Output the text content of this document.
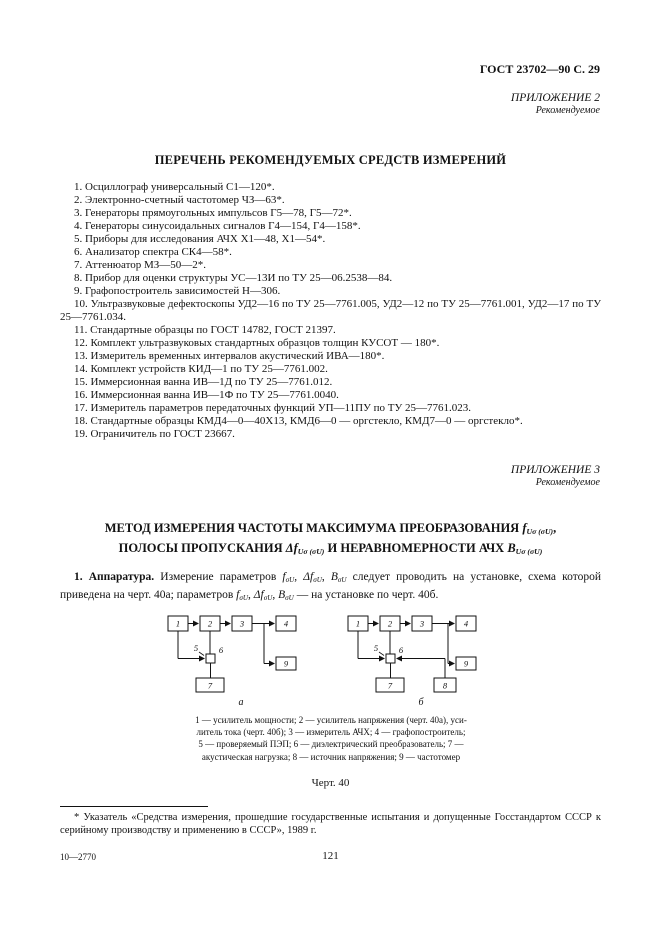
ГОСТ 23702—90 С. 29
ПРИЛОЖЕНИЕ 2
Рекомендуемое
ПЕРЕЧЕНЬ РЕКОМЕНДУЕМЫХ СРЕДСТВ ИЗМЕРЕНИЙ

1. Осциллограф универсальный С1—120*.

2. Электронно-счетный частотомер ЧЗ—63*.

3. Генераторы прямоугольных импульсов Г5—78, Г5—72*.

4. Генераторы синусоидальных сигналов Г4—154, Г4—158*.

5. Приборы для исследования АЧХ Х1—48, Х1—54*.

6. Анализатор спектра СК4—58*.

7. Аттенюатор МЗ—50—2*.

8. Прибор для оценки структуры УС—13И по ТУ 25—06.2538—84.

9. Графопостроитель зависимостей Н—306.

10. Ультразвуковые дефектоскопы УД2—16 по ТУ 25—7761.005, УД2—12 по ТУ 25—7761.001, УД2—17 по ТУ 25—7761.034.

11. Стандартные образцы по ГОСТ 14782, ГОСТ 21397.

12. Комплект ультразвуковых стандартных образцов толщин КУСОТ — 180*.

13. Измеритель временных интервалов акустический ИВА—180*.

14. Комплект устройств КИД—1 по ТУ 25—7761.002.

15. Иммерсионная ванна ИВ—1Д по ТУ 25—7761.012.

16. Иммерсионная ванна ИВ—1Ф по ТУ 25—7761.0040.

17. Измеритель параметров передаточных функций УП—11ПУ по ТУ 25—7761.023.

18. Стандартные образцы КМД4—0—40Х13, КМД6—0 — оргстекло, КМД7—0 — оргстекло*.

19. Ограничитель по ГОСТ 23667.

ПРИЛОЖЕНИЕ 3
Рекомендуемое
МЕТОД ИЗМЕРЕНИЯ ЧАСТОТЫ МАКСИМУМА ПРЕОБРАЗОВАНИЯ $f_{U\sigma (\sigma U)}$,
ПОЛОСЫ ПРОПУСКАНИЯ $\Delta f_{U\sigma (\sigma U)}$ И НЕРАВНОМЕРНОСТИ АЧХ $B_{U\sigma (\sigma U)}$
1. Аппаратура. Измерение параметров $f_{\sigma U}$, $\Delta f_{\sigma U}$, $B_{\sigma U}$ следует проводить на установке, схема которой приведена на черт. 40а; параметров $f_{\sigma U}$, $\Delta f_{\sigma U}$, $B_{\sigma U}$ — на установке по черт. 40б.
1	2	3	4
9
7
5 6
а
1	2	3	4
9
7	8
5 6
б
1 — усилитель мощности; 2 — усилитель напряжения (черт. 40а), уси-
литель тока (черт. 40б); 3 — измеритель АЧХ; 4 — графопостроитель;
5 — проверяемый ПЭП; 6 — диэлектрический преобразователь; 7 —
акустическая нагрузка; 8 — источник напряжения; 9 — частотомер
Черт. 40

* Указатель «Средства измерения, прошедшие государственные испытания и допущенные Госстандартом СССР к серийному производству и применению в СССР», 1989 г.

10—2770	121
